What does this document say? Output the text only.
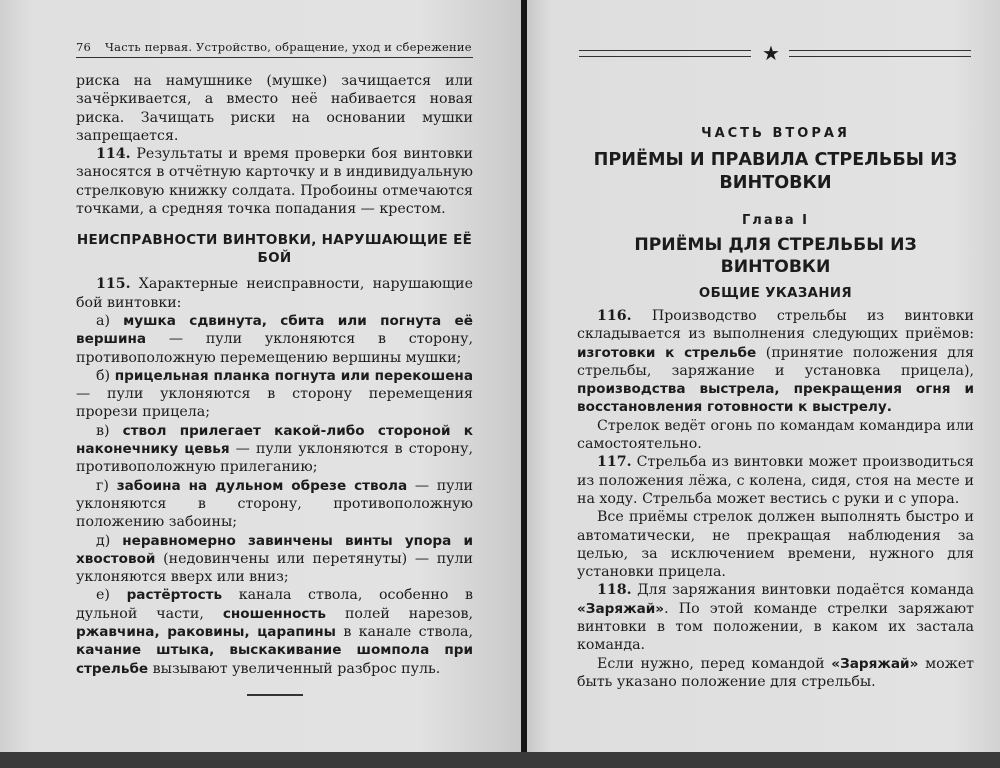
76 Часть первая. Устройство, обращение, уход и сбережение

риска на намушнике (мушке) зачищается или зачёркивается, а вместо неё набивается новая риска. Зачищать риски на основании мушки запрещается.

114. Результаты и время проверки боя винтовки заносятся в отчётную карточку и в индивидуальную стрелковую книжку солдата. Пробоины отмечаются точками, а средняя точка попадания — крестом.

НЕИСПРАВНОСТИ ВИНТОВКИ, НАРУШАЮЩИЕ ЕЁ БОЙ

115. Характерные неисправности, нарушающие бой винтовки:

а) мушка сдвинута, сбита или погнута её вершина — пули уклоняются в сторону, противоположную перемещению вершины мушки;

б) прицельная планка погнута или перекошена — пули уклоняются в сторону перемещения прорези прицела;

в) ствол прилегает какой-либо стороной к наконечнику цевья — пули уклоняются в сторону, противоположную прилеганию;

г) забоина на дульном обрезе ствола — пули уклоняются в сторону, противоположную положению забоины;

д) неравномерно завинчены винты упора и хвостовой (недовинчены или перетянуты) — пули уклоняются вверх или вниз;

е) растёртость канала ствола, особенно в дульной части, сношенность полей нарезов, ржавчина, раковины, царапины в канале ствола, качание штыка, выскакивание шомпола при стрельбе вызывают увеличенный разброс пуль.

★
ЧАСТЬ ВТОРАЯ
ПРИЁМЫ И ПРАВИЛА СТРЕЛЬБЫ ИЗ ВИНТОВКИ
Глава I
ПРИЁМЫ ДЛЯ СТРЕЛЬБЫ ИЗ ВИНТОВКИ
ОБЩИЕ УКАЗАНИЯ

116. Производство стрельбы из винтовки складывается из выполнения следующих приёмов: изготовки к стрельбе (принятие положения для стрельбы, заряжание и установка прицела), производства выстрела, прекращения огня и восстановления готовности к выстрелу.

Стрелок ведёт огонь по командам командира или самостоятельно.

117. Стрельба из винтовки может производиться из положения лёжа, с колена, сидя, стоя на месте и на ходу. Стрельба может вестись с руки и с упора.

Все приёмы стрелок должен выполнять быстро и автоматически, не прекращая наблюдения за целью, за исключением времени, нужного для установки прицела.

118. Для заряжания винтовки подаётся команда «Заряжай». По этой команде стрелки заряжают винтовки в том положении, в каком их застала команда.

Если нужно, перед командой «Заряжай» может быть указано положение для стрельбы.
